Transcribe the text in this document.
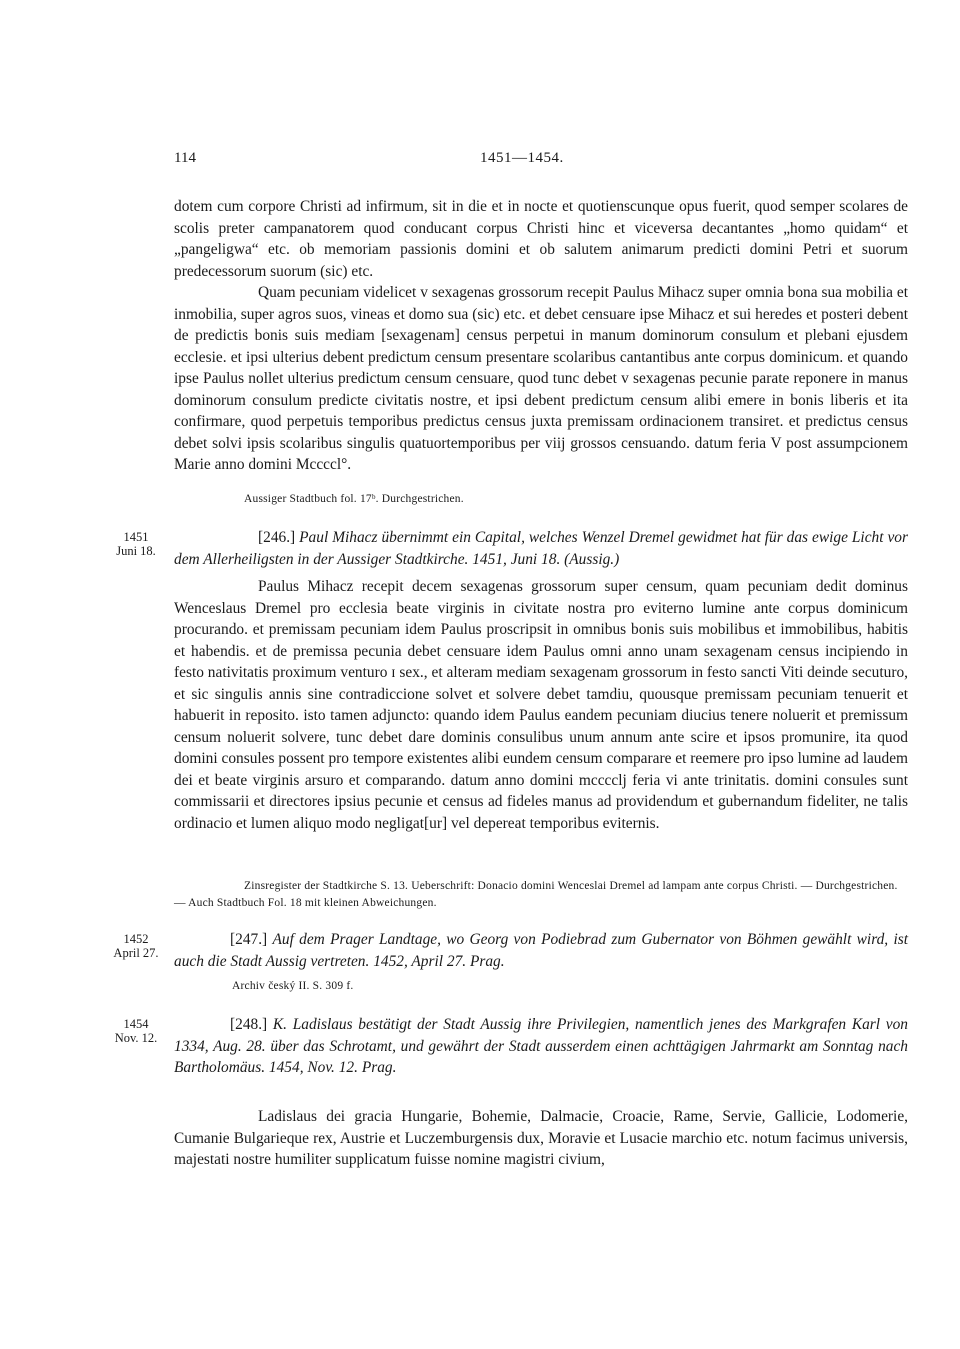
114	1451—1454.

dotem cum corpore Christi ad infirmum, sit in die et in nocte et quotienscunque opus fuerit, quod semper scolares de scolis preter campanatorem quod conducant corpus Christi hinc et viceversa decantantes „homo quidam“ et „pangeligwa“ etc. ob memoriam passionis domini et ob salutem animarum predicti domini Petri et suorum predecessorum suorum (sic) etc.

Quam pecuniam videlicet v sexagenas grossorum recepit Paulus Mihacz super omnia bona sua mobilia et inmobilia, super agros suos, vineas et domo sua (sic) etc. et debet censuare ipse Mihacz et sui heredes et posteri debent de predictis bonis suis mediam [sexagenam] census perpetui in manum dominorum consulum et plebani ejusdem ecclesie. et ipsi ulterius debent predictum censum presentare scolaribus cantantibus ante corpus dominicum. et quando ipse Paulus nollet ulterius predictum censum censuare, quod tunc debet v sexagenas pecunie parate reponere in manus dominorum consulum predicte civitatis nostre, et ipsi debent predictum censum alibi emere in bonis liberis et ita confirmare, quod perpetuis temporibus predictus census juxta premissam ordinacionem transiret. et predictus census debet solvi ipsis scolaribus singulis quatuortemporibus per viij grossos censuando. datum feria V post assumpcionem Marie anno domini Mccccl°.

Aussiger Stadtbuch fol. 17ᵇ. Durchgestrichen.
1451
Juni 18.

[246.] Paul Mihacz übernimmt ein Capital, welches Wenzel Dremel gewidmet hat für das ewige Licht vor dem Allerheiligsten in der Aussiger Stadtkirche. 1451, Juni 18. (Aussig.)

Paulus Mihacz recepit decem sexagenas grossorum super censum, quam pecuniam dedit dominus Wenceslaus Dremel pro ecclesia beate virginis in civitate nostra pro eviterno lumine ante corpus dominicum procurando. et premissam pecuniam idem Paulus proscripsit in omnibus bonis suis mobilibus et immobilibus, habitis et habendis. et de premissa pecunia debet censuare idem Paulus omni anno unam sexagenam census incipiendo in festo nativitatis proximum venturo ɪ sex., et alteram mediam sexagenam grossorum in festo sancti Viti deinde secuturo, et sic singulis annis sine contradiccione solvet et solvere debet tamdiu, quousque premissam pecuniam tenuerit et habuerit in reposito. isto tamen adjuncto: quando idem Paulus eandem pecuniam diucius tenere noluerit et premissum censum noluerit solvere, tunc debet dare dominis consulibus unum annum ante scire et ipsos promunire, ita quod domini consules possent pro tempore existentes alibi eundem censum comparare et reemere pro ipso lumine ad laudem dei et beate virginis arsuro et comparando. datum anno domini mcccclj feria vi ante trinitatis. domini consules sunt commissarii et directores ipsius pecunie et census ad fideles manus ad providendum et gubernandum fideliter, ne talis ordinacio et lumen aliquo modo negligat[ur] vel depereat temporibus eviternis.

Zinsregister der Stadtkirche S. 13. Ueberschrift: Donacio domini Wenceslai Dremel ad lampam ante corpus Christi. — Durchgestrichen. — Auch Stadtbuch Fol. 18 mit kleinen Abweichungen.
1452
April 27.

[247.] Auf dem Prager Landtage, wo Georg von Podiebrad zum Gubernator von Böhmen gewählt wird, ist auch die Stadt Aussig vertreten. 1452, April 27. Prag.

Archiv český II. S. 309 f.
1454
Nov. 12.

[248.] K. Ladislaus bestätigt der Stadt Aussig ihre Privilegien, namentlich jenes des Markgrafen Karl von 1334, Aug. 28. über das Schrotamt, und gewährt der Stadt ausserdem einen achttägigen Jahrmarkt am Sonntag nach Bartholomäus. 1454, Nov. 12. Prag.

Ladislaus dei gracia Hungarie, Bohemie, Dalmacie, Croacie, Rame, Servie, Gallicie, Lodomerie, Cumanie Bulgarieque rex, Austrie et Luczemburgensis dux, Moravie et Lusacie marchio etc. notum facimus universis, majestati nostre humiliter supplicatum fuisse nomine magistri civium,
